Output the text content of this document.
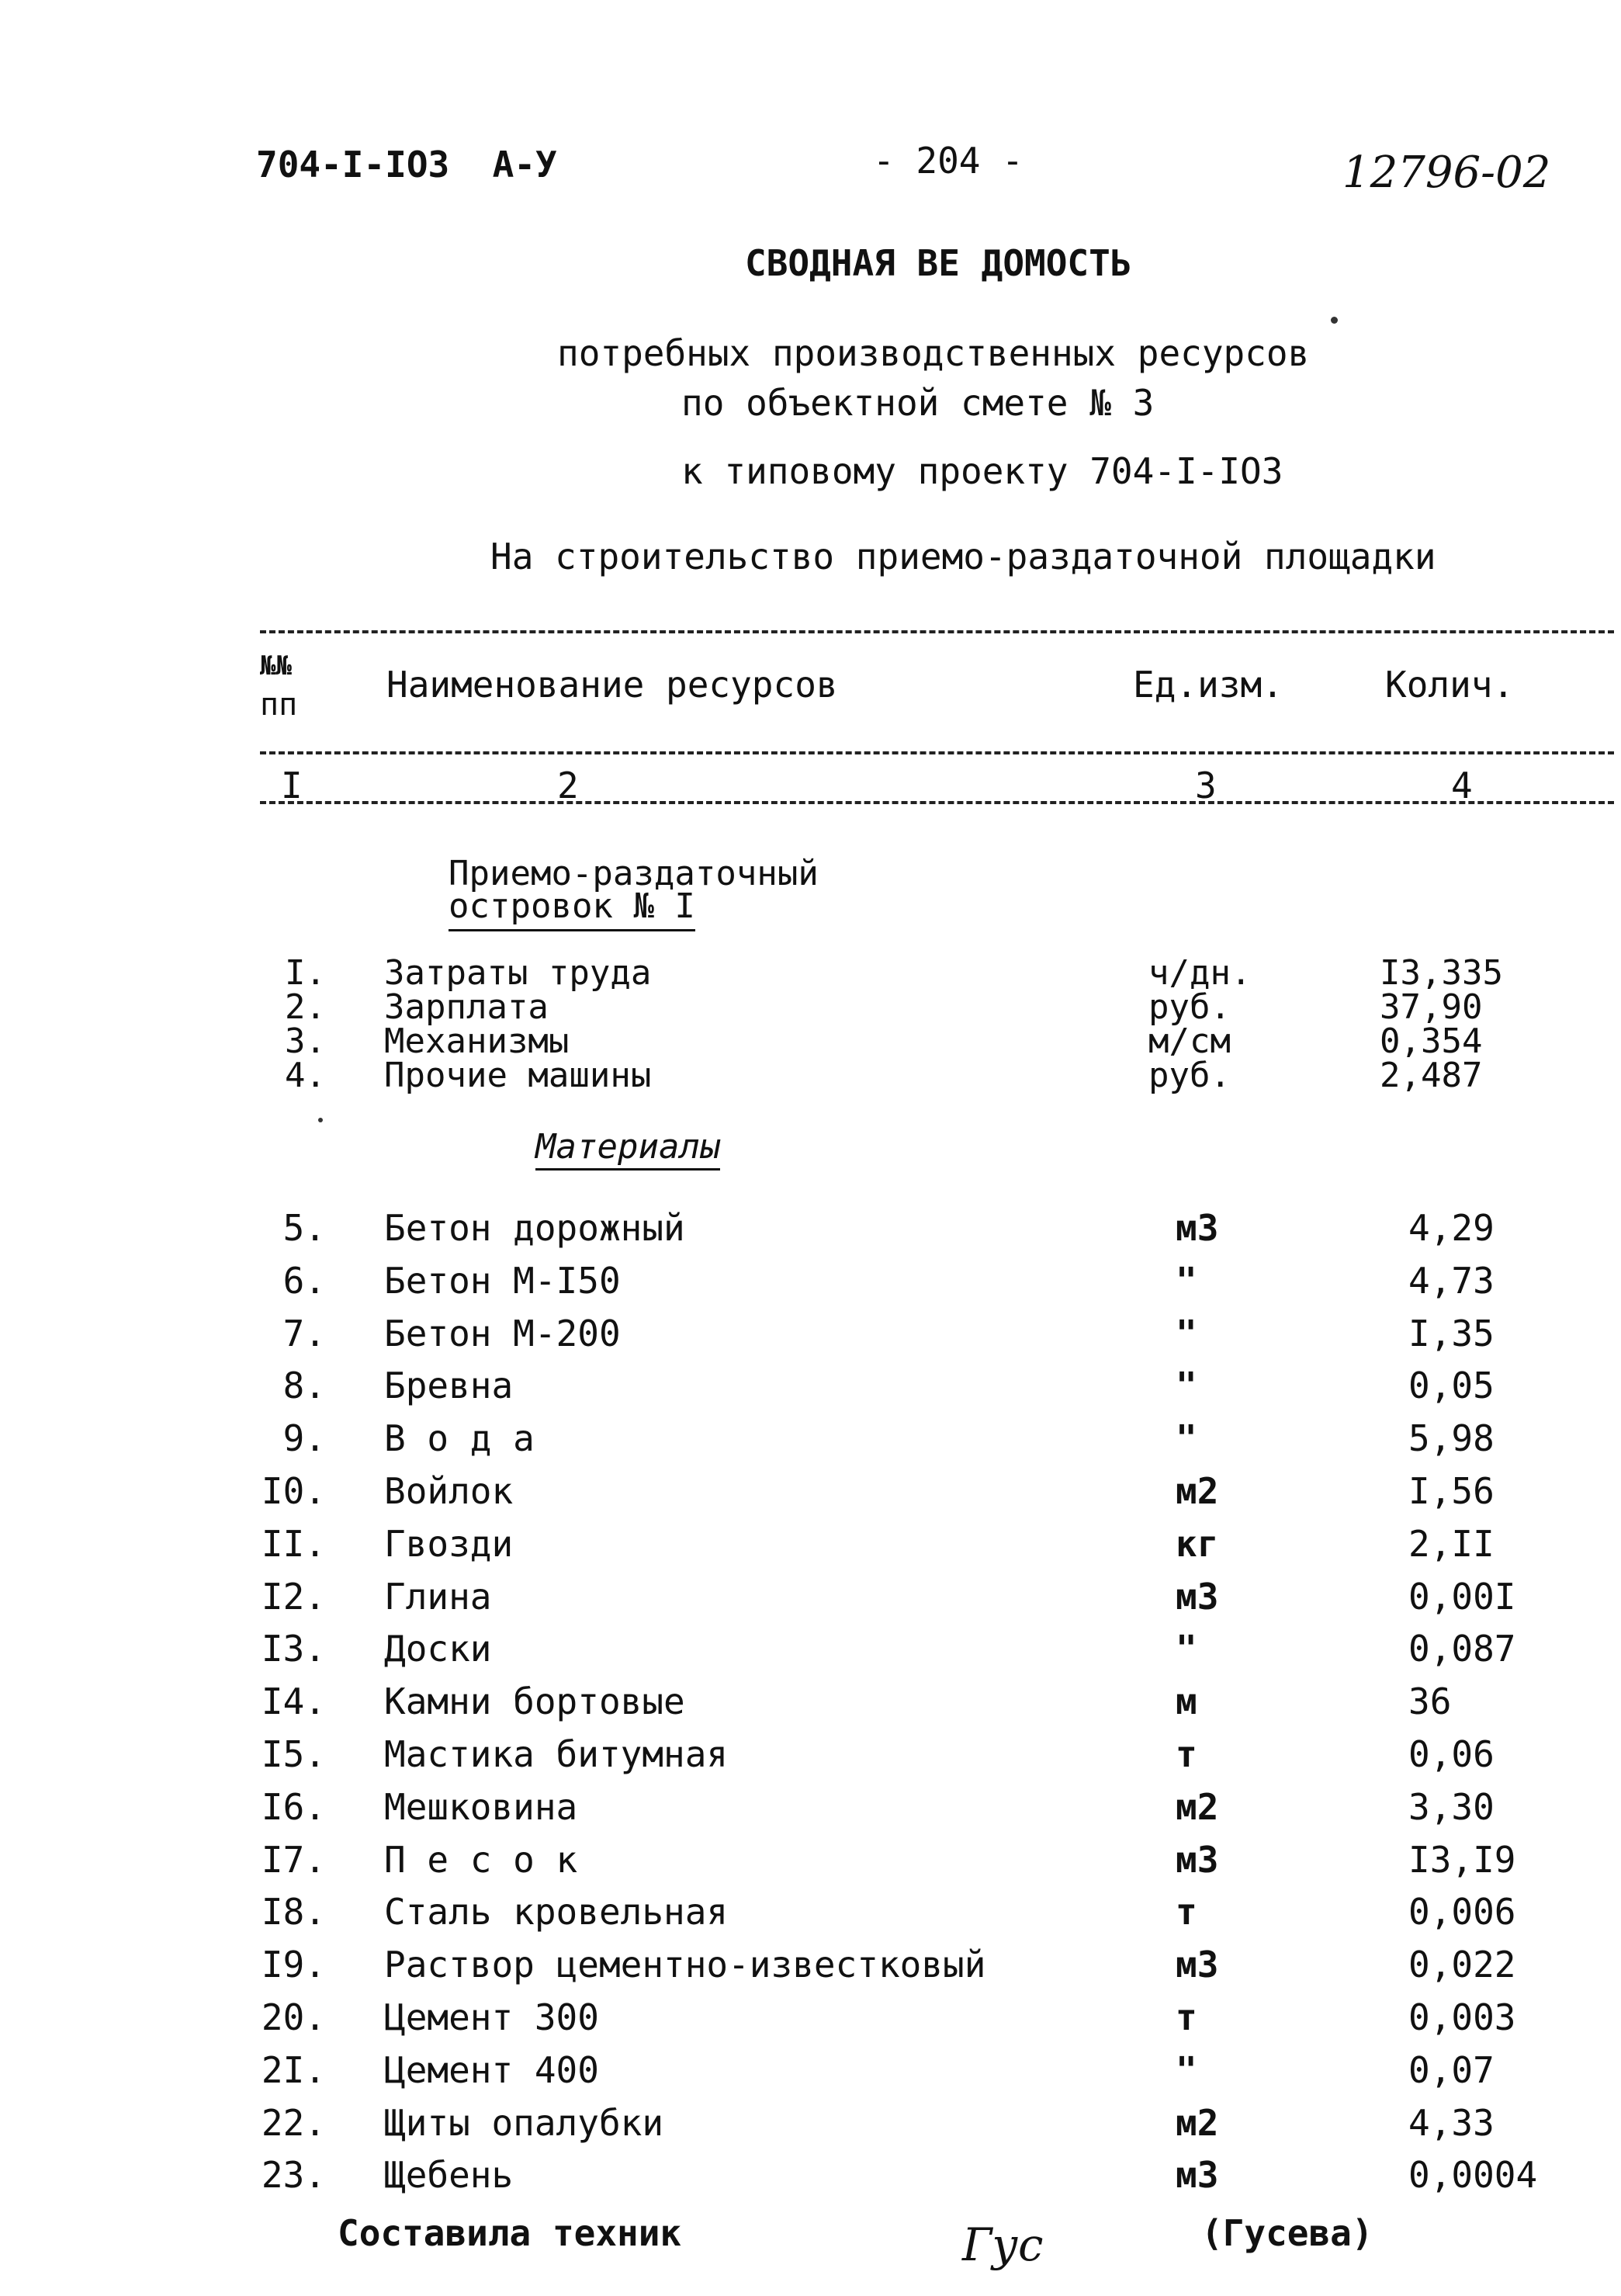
704-I-IO3  A-У	- 204 -	12796-02
СВОДНАЯ ВЕ ДОМОСТЬ
потребных производственных ресурсов
по объектной смете № 3
к типовому проекту 704-I-IO3
На строительство приемо-раздаточной площадки
№№
пп Наименование ресурсов	Ед.изм.	Колич.
I	2	3	4
Приемо-раздаточный
островок № I
I. Затраты труда	ч/дн.	I3,335
2. Зарплата	руб.	37,90
3. Механизмы	м/см	0,354
4. Прочие машины	руб.	2,487
Материалы
5. Бетон дорожный	м3	4,29
6. Бетон М-I50	"	4,73
7. Бетон М-200	"	I,35
8. Бревна	"	0,05
9. В о д а	"	5,98
I0. Войлок	м2	I,56
II. Гвозди	кг	2,II
I2. Глина	м3	0,00I
I3. Доски	"	0,087
I4. Камни бортовые	м	36
I5. Мастика битумная	т	0,06
I6. Мешковина	м2	3,30
I7. П е с о к	м3	I3,I9
I8. Сталь кровельная	т	0,006
I9. Раствор цементно-известковый	м3	0,022
20. Цемент 300	т	0,003
2I. Цемент 400	"	0,07
22. Щиты опалубки	м2	4,33
23. Щебень	м3	0,0004
Составила техник	Гус	(Гусева)
